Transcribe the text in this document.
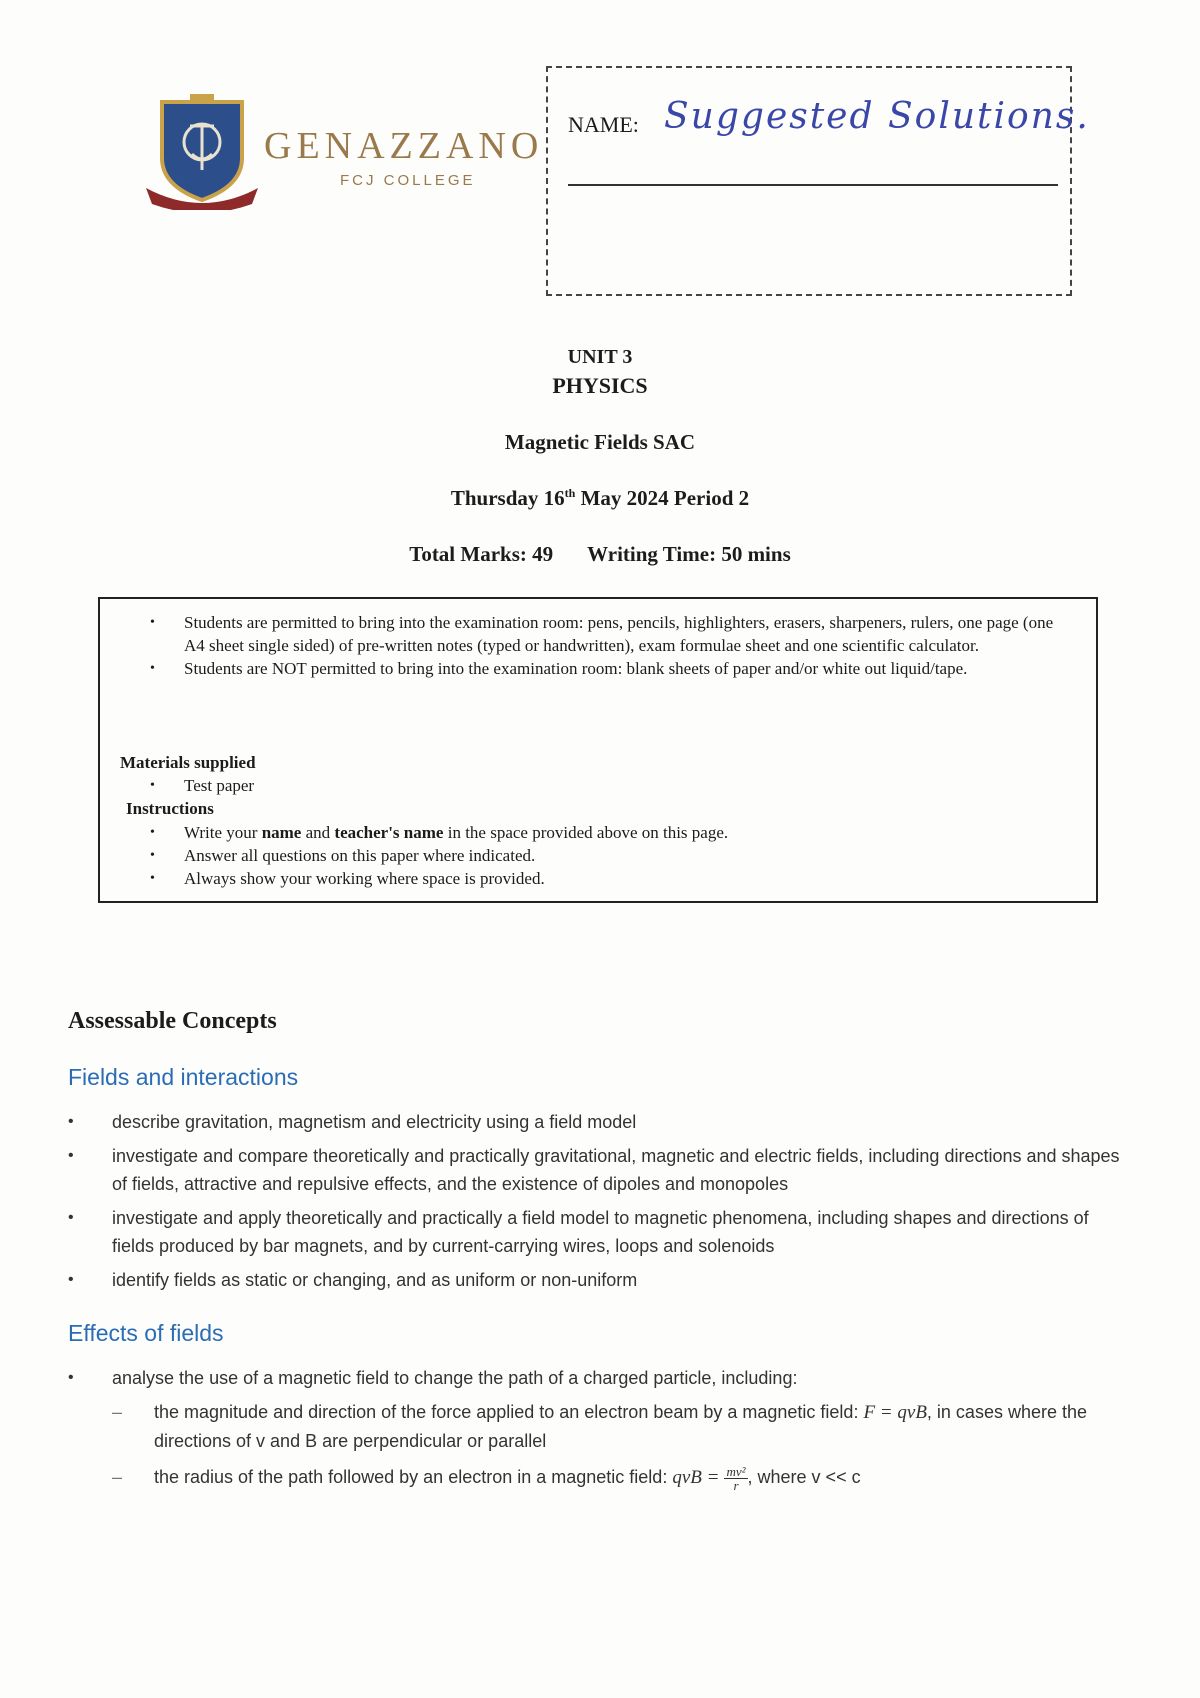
GENAZZANO
FCJ COLLEGE
NAME: Suggested Solutions.
UNIT 3
PHYSICS
Magnetic Fields SAC
Thursday 16th May 2024 Period 2
Total Marks: 49 Writing Time: 50 mins
• Students are permitted to bring into the examination room: pens, pencils, highlighters, erasers, sharpeners, rulers, one page (one A4 sheet single sided) of pre-written notes (typed or handwritten), exam formulae sheet and one scientific calculator.
• Students are NOT permitted to bring into the examination room: blank sheets of paper and/or white out liquid/tape.
Materials supplied
• Test paper
Instructions
• Write your name and teacher's name in the space provided above on this page.
• Answer all questions on this paper where indicated.
• Always show your working where space is provided.
Assessable Concepts
Fields and interactions
• describe gravitation, magnetism and electricity using a field model
• investigate and compare theoretically and practically gravitational, magnetic and electric fields, including directions and shapes of fields, attractive and repulsive effects, and the existence of dipoles and monopoles
• investigate and apply theoretically and practically a field model to magnetic phenomena, including shapes and directions of fields produced by bar magnets, and by current-carrying wires, loops and solenoids
• identify fields as static or changing, and as uniform or non-uniform
Effects of fields
• analyse the use of a magnetic field to change the path of a charged particle, including:
– the magnitude and direction of the force applied to an electron beam by a magnetic field: F = qvB, in cases where the directions of v and B are perpendicular or parallel
– the radius of the path followed by an electron in a magnetic field: qvB = $\frac{\text{mv²}}{r}$ , where v << c
